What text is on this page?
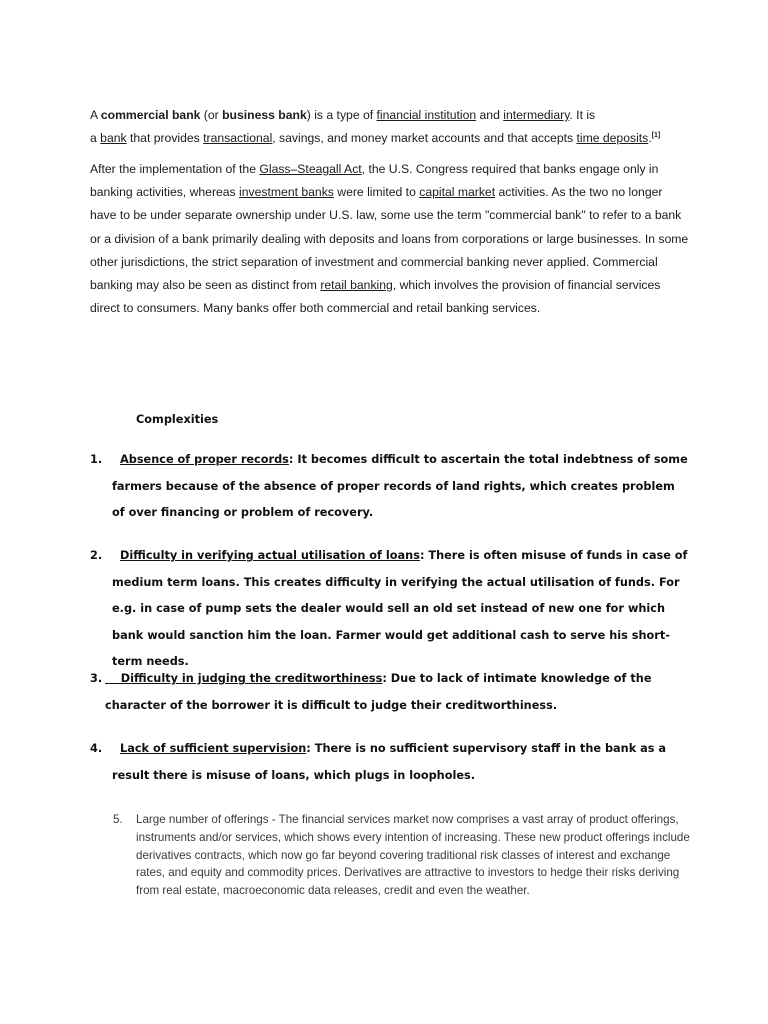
A commercial bank (or business bank) is a type of financial institution and intermediary. It is
a bank that provides transactional, savings, and money market accounts and that accepts time deposits.[1]

After the implementation of the Glass–Steagall Act, the U.S. Congress required that banks engage only in banking activities, whereas investment banks were limited to capital market activities. As the two no longer have to be under separate ownership under U.S. law, some use the term "commercial bank" to refer to a bank or a division of a bank primarily dealing with deposits and loans from corporations or large businesses. In some other jurisdictions, the strict separation of investment and commercial banking never applied. Commercial banking may also be seen as distinct from retail banking, which involves the provision of financial services direct to consumers. Many banks offer both commercial and retail banking services.

Complexities
1.	Absence of proper records: It becomes difficult to ascertain the total indebtness of some farmers because of the absence of proper records of land rights, which creates problem of over financing or problem of recovery.
2.	Difficulty in verifying actual utilisation of loans: There is often misuse of funds in case of medium term loans. This creates difficulty in verifying the actual utilisation of funds. For e.g. in case of pump sets the dealer would sell an old set instead of new one for which bank would sanction him the loan. Farmer would get additional cash to serve his short- term needs.
3. Difficulty in judging the creditworthiness: Due to lack of intimate knowledge of the character of the borrower it is difficult to judge their creditworthiness.
4.	Lack of sufficient supervision: There is no sufficient supervisory staff in the bank as a result there is misuse of loans, which plugs in loopholes.
5. Large number of offerings - The financial services market now comprises a vast array of product offerings, instruments and/or services, which shows every intention of increasing. These new product offerings include derivatives contracts, which now go far beyond covering traditional risk classes of interest and exchange rates, and equity and commodity prices. Derivatives are attractive to investors to hedge their risks deriving from real estate, macroeconomic data releases, credit and even the weather.
